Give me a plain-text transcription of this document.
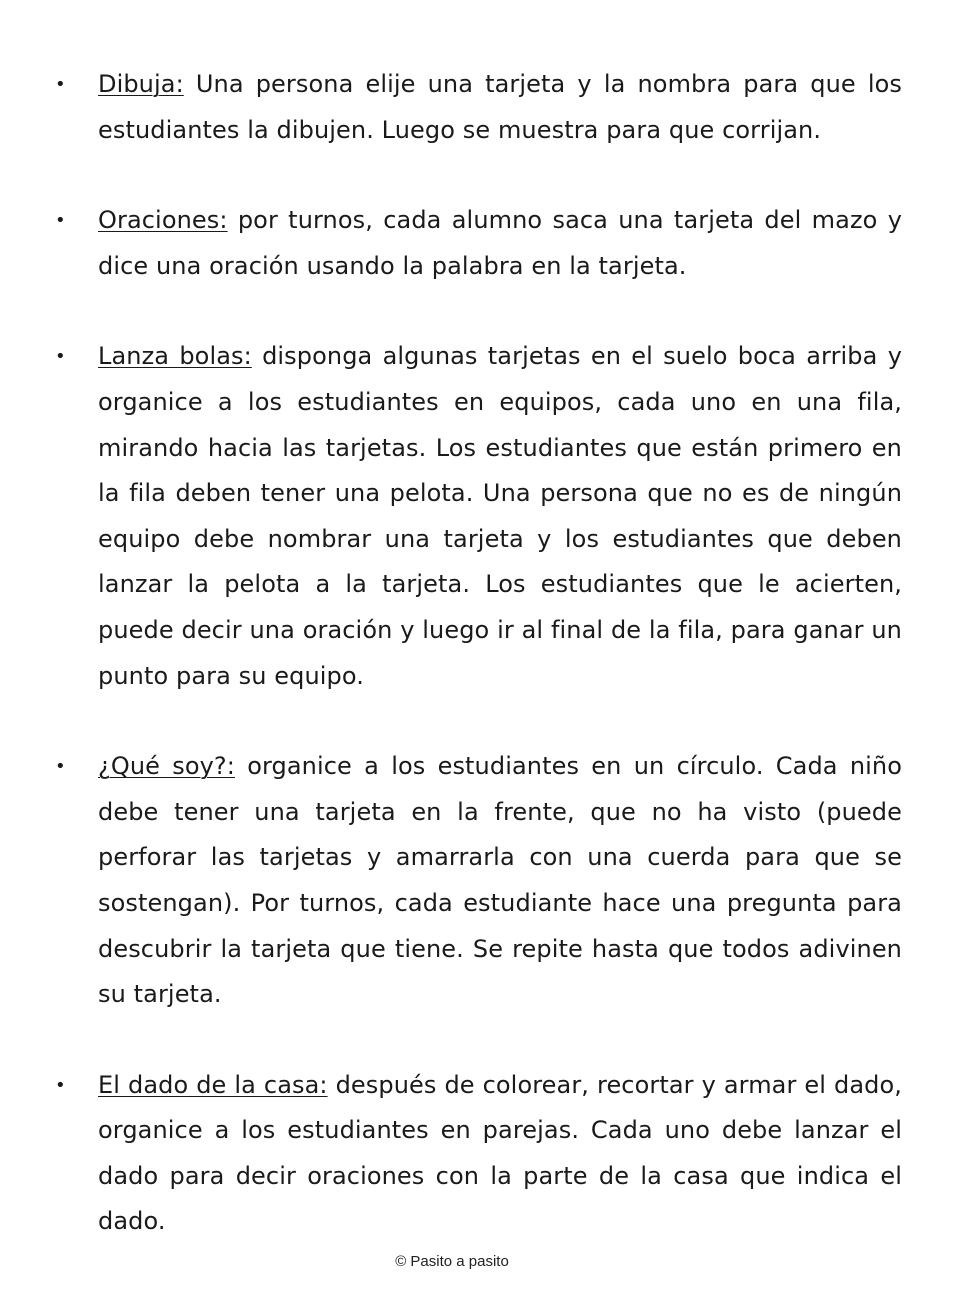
•	Dibuja: Una persona elije una tarjeta y la nombra para que los estudiantes la dibujen. Luego se muestra para que corrijan.

•	Oraciones: por turnos, cada alumno saca una tarjeta del mazo y dice una oración usando la palabra en la tarjeta.

•	Lanza bolas: disponga algunas tarjetas en el suelo boca arriba y organice a los estudiantes en equipos, cada uno en una fila, mirando hacia las tarjetas. Los estudiantes que están primero en la fila deben tener una pelota. Una persona que no es de ningún equipo debe nombrar una tarjeta y los estudiantes que deben lanzar la pelota a la tarjeta. Los estudiantes que le acierten, puede decir una oración y luego ir al final de la fila, para ganar un punto para su equipo.

•	¿Qué soy?: organice a los estudiantes en un círculo. Cada niño debe tener una tarjeta en la frente, que no ha visto (puede perforar las tarjetas y amarrarla con una cuerda para que se sostengan). Por turnos, cada estudiante hace una pregunta para descubrir la tarjeta que tiene. Se repite hasta que todos adivinen su tarjeta.

•	El dado de la casa: después de colorear, recortar y armar el dado, organice a los estudiantes en parejas. Cada uno debe lanzar el dado para decir oraciones con la parte de la casa que indica el dado.

© Pasito a pasito
